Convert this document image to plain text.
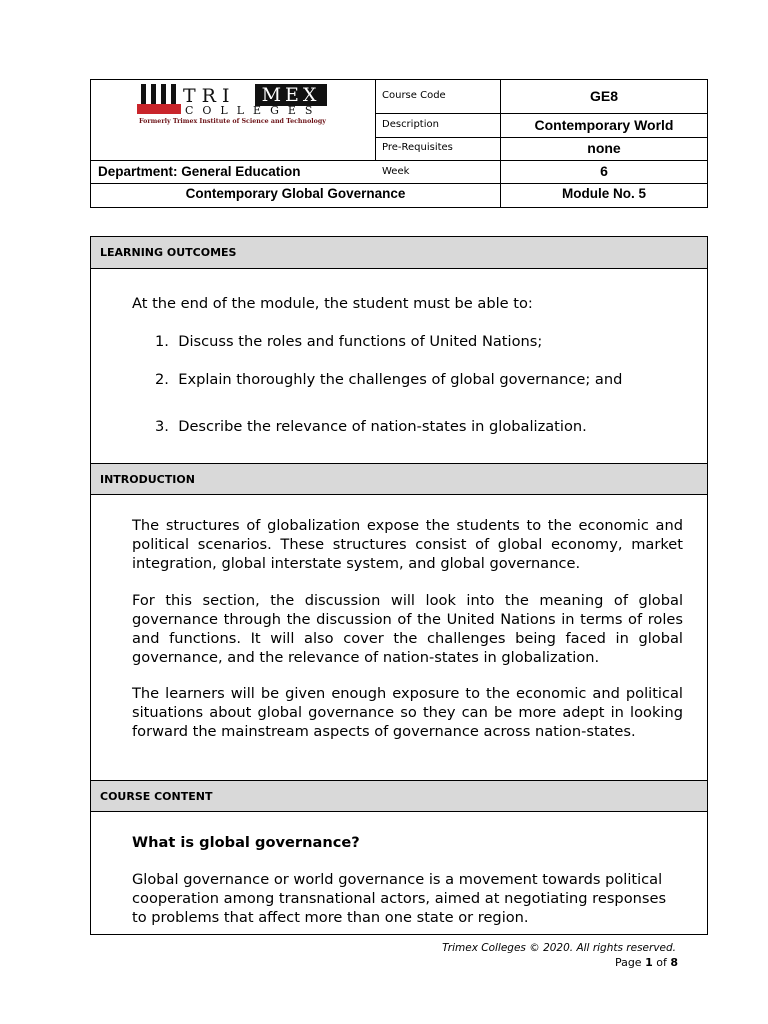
TRI	MEX
COLLEGES
Formerly Trimex Institute of Science and Technology
Course Code	GE8
Description	Contemporary World
Pre-Requisites	none
Department: General Education	Week	6
Contemporary Global Governance	Module No. 5
LEARNING OUTCOMES
INTRODUCTION
COURSE CONTENT
At the end of the module, the student must be able to:
1. Discuss the roles and functions of United Nations;
2. Explain thoroughly the challenges of global governance; and
3. Describe the relevance of nation-states in globalization.
The structures of globalization expose the students to the economic and political scenarios. These structures consist of global economy, market integration, global interstate system, and global governance.
For this section, the discussion will look into the meaning of global governance through the discussion of the United Nations in terms of roles and functions. It will also cover the challenges being faced in global governance, and the relevance of nation-states in globalization.
The learners will be given enough exposure to the economic and political situations about global governance so they can be more adept in looking forward the mainstream aspects of governance across nation-states.
What is global governance?
Global governance or world governance is a movement towards political cooperation among transnational actors, aimed at negotiating responses to problems that affect more than one state or region.
Trimex Colleges © 2020. All rights reserved.
Page 1 of 8
